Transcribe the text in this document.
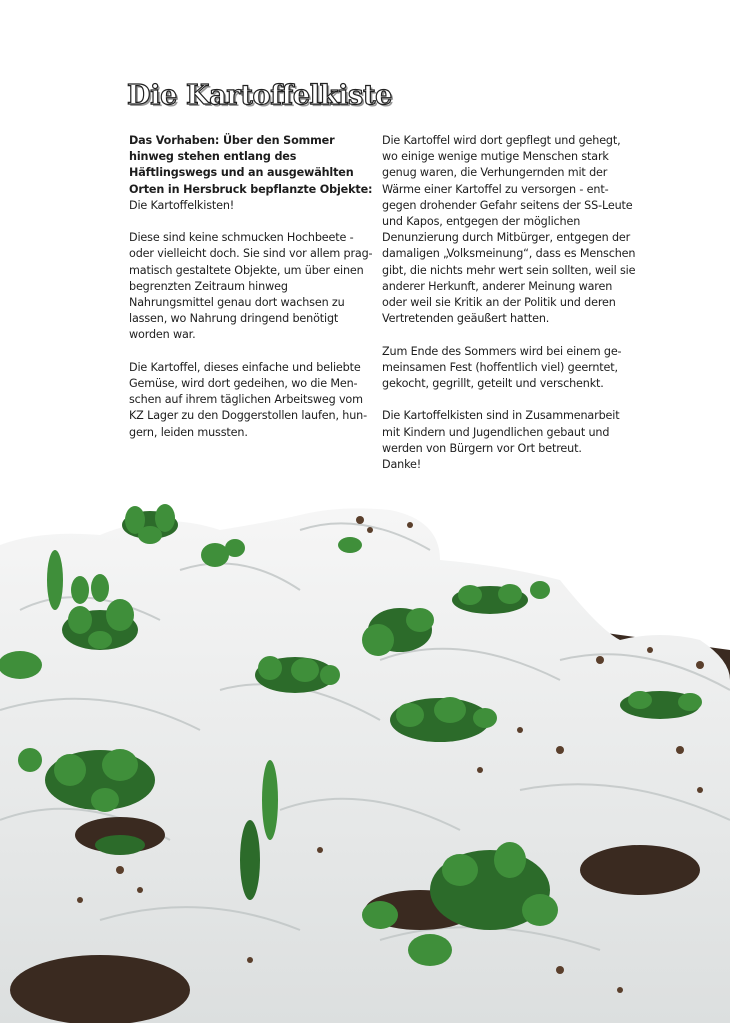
Die Kartoffelkiste

Das Vorhaben: Über den Sommer hinweg stehen entlang des Häftlingswegs und an ausgewählten Orten in Hersbruck bepflanzte Objekte: Die Kartoffelkisten!

Diese sind keine schmucken Hochbeete - oder vielleicht doch. Sie sind vor allem prag-matisch gestaltete Objekte, um über einen begrenzten Zeitraum hinweg Nahrungsmittel genau dort wachsen zu lassen, wo Nahrung dringend benötigt worden war.

Die Kartoffel, dieses einfache und beliebte Gemüse, wird dort gedeihen, wo die Men-schen auf ihrem täglichen Arbeitsweg vom KZ Lager zu den Doggerstollen laufen, hun-gern, leiden mussten.

Die Kartoffel wird dort gepflegt und gehegt, wo einige wenige mutige Menschen stark genug waren, die Verhungernden mit der Wärme einer Kartoffel zu versorgen - ent-gegen drohender Gefahr seitens der SS-Leute und Kapos, entgegen der möglichen Denunzierung durch Mitbürger, entgegen der damaligen „Volksmeinung“, dass es Menschen gibt, die nichts mehr wert sein sollten, weil sie anderer Herkunft, anderer Meinung waren oder weil sie Kritik an der Politik und deren Vertretenden geäußert hatten.

Zum Ende des Sommers wird bei einem ge-meinsamen Fest (hoffentlich viel) geerntet, gekocht, gegrillt, geteilt und verschenkt.

Die Kartoffelkisten sind in Zusammenarbeit mit Kindern und Jugendlichen gebaut und werden von Bürgern vor Ort betreut.

Danke!
